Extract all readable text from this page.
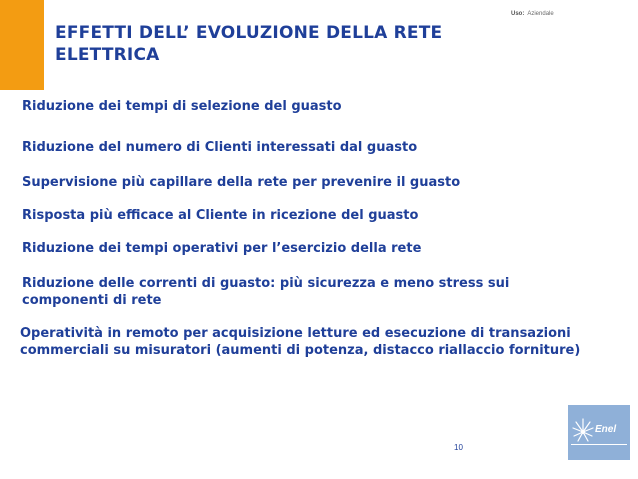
EFFETTI DELL’ EVOLUZIONE DELLA RETE ELETTRICA
Uso: Aziendale
Riduzione dei tempi di selezione del guasto
Riduzione del numero di Clienti interessati dal guasto
Supervisione più capillare della rete per prevenire il guasto
Risposta più efficace al Cliente in ricezione del guasto
Riduzione dei tempi operativi per l’esercizio della rete
Riduzione delle correnti di guasto: più sicurezza e meno stress sui componenti di rete
Operatività in remoto per acquisizione letture ed esecuzione di transazioni commerciali su misuratori (aumenti di potenza, distacco riallaccio forniture)
10
Enel
